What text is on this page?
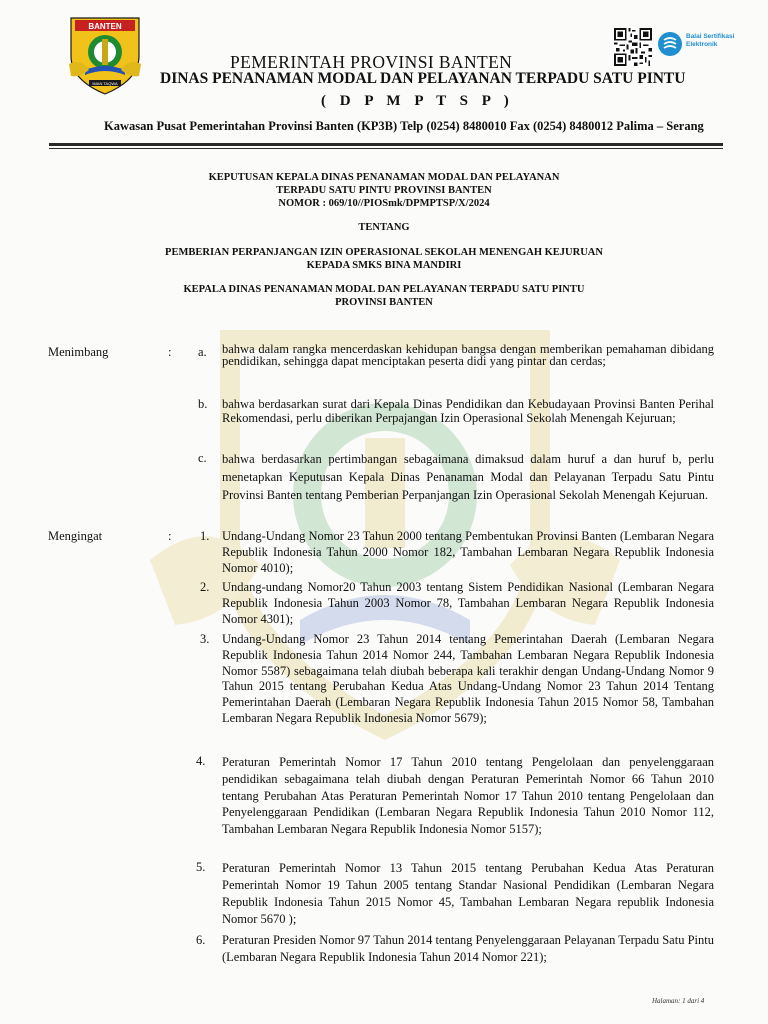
BANTEN
IMAN TAQWA
PEMERINTAH PROVINSI BANTEN
DINAS PENANAMAN MODAL DAN PELAYANAN TERPADU SATU PINTU
( D P M P T S P )
Kawasan Pusat Pemerintahan Provinsi Banten (KP3B) Telp (0254) 8480010 Fax (0254) 8480012 Palima – Serang
Balai Sertifikasi Elektronik
KEPUTUSAN KEPALA DINAS PENANAMAN MODAL DAN PELAYANAN
TERPADU SATU PINTU PROVINSI BANTEN
NOMOR : 069/10//PIOSmk/DPMPTSP/X/2024
TENTANG
PEMBERIAN PERPANJANGAN IZIN OPERASIONAL SEKOLAH MENENGAH KEJURUAN
KEPADA SMKS BINA MANDIRI
KEPALA DINAS PENANAMAN MODAL DAN PELAYANAN TERPADU SATU PINTU
PROVINSI BANTEN
Menimbang	: a. bahwa dalam rangka mencerdaskan kehidupan bangsa dengan memberikan pemahaman dibidang pendidikan, sehingga dapat menciptakan peserta didi yang pintar dan cerdas;
b. bahwa berdasarkan surat dari Kepala Dinas Pendidikan dan Kebudayaan Provinsi Banten Perihal Rekomendasi, perlu diberikan Perpajangan Izin Operasional Sekolah Menengah Kejuruan;
c. bahwa berdasarkan pertimbangan sebagaimana dimaksud dalam huruf a dan huruf b, perlu menetapkan Keputusan Kepala Dinas Penanaman Modal dan Pelayanan Terpadu Satu Pintu Provinsi Banten tentang Pemberian Perpanjangan Izin Operasional Sekolah Menengah Kejuruan.
Mengingat	: 1. Undang-Undang Nomor 23 Tahun 2000 tentang Pembentukan Provinsi Banten (Lembaran Negara Republik Indonesia Tahun 2000 Nomor 182, Tambahan Lembaran Negara Republik Indonesia Nomor 4010);
2. Undang-undang Nomor20 Tahun 2003 tentang Sistem Pendidikan Nasional (Lembaran Negara Republik Indonesia Tahun 2003 Nomor 78, Tambahan Lembaran Negara Republik Indonesia Nomor 4301);
3. Undang-Undang Nomor 23 Tahun 2014 tentang Pemerintahan Daerah (Lembaran Negara Republik Indonesia Tahun 2014 Nomor 244, Tambahan Lembaran Negara Republik Indonesia Nomor 5587) sebagaimana telah diubah beberapa kali terakhir dengan Undang-Undang Nomor 9 Tahun 2015 tentang Perubahan Kedua Atas Undang-Undang Nomor 23 Tahun 2014 Tentang Pemerintahan Daerah (Lembaran Negara Republik Indonesia Tahun 2015 Nomor 58, Tambahan Lembaran Negara Republik Indonesia Nomor 5679);
4. Peraturan Pemerintah Nomor 17 Tahun 2010 tentang Pengelolaan dan penyelenggaraan pendidikan sebagaimana telah diubah dengan Peraturan Pemerintah Nomor 66 Tahun 2010 tentang Perubahan Atas Peraturan Pemerintah Nomor 17 Tahun 2010 tentang Pengelolaan dan Penyelenggaraan Pendidikan (Lembaran Negara Republik Indonesia Tahun 2010 Nomor 112, Tambahan Lembaran Negara Republik Indonesia Nomor 5157);
5. Peraturan Pemerintah Nomor 13 Tahun 2015 tentang Perubahan Kedua Atas Peraturan Pemerintah Nomor 19 Tahun 2005 tentang Standar Nasional Pendidikan (Lembaran Negara Republik Indonesia Tahun 2015 Nomor 45, Tambahan Lembaran Negara republik Indonesia Nomor 5670 );
6. Peraturan Presiden Nomor 97 Tahun 2014 tentang Penyelenggaraan Pelayanan Terpadu Satu Pintu (Lembaran Negara Republik Indonesia Tahun 2014 Nomor 221);
Halaman: 1 dari 4
